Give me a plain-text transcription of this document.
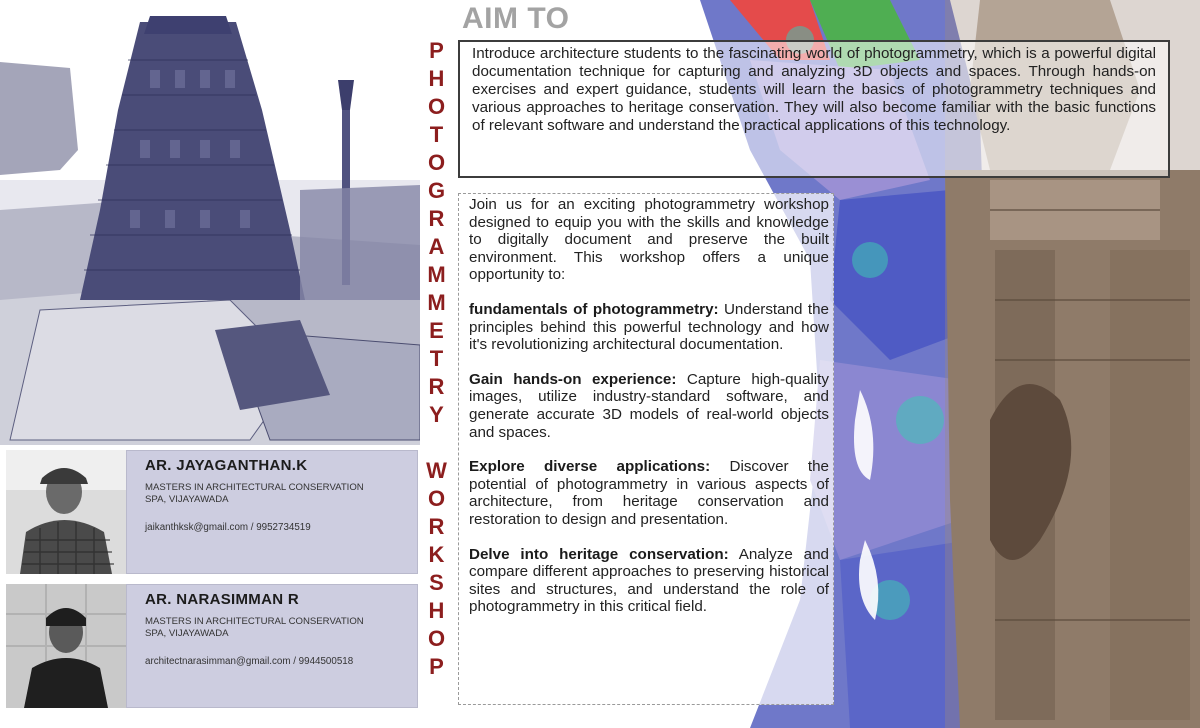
AR. JAYAGANTHAN.K
MASTERS IN ARCHITECTURAL CONSERVATION
SPA, VIJAYAWADA
jaikanthksk@gmail.com / 9952734519
AR. NARASIMMAN R
MASTERS IN ARCHITECTURAL CONSERVATION
SPA, VIJAYAWADA
architectnarasimman@gmail.com / 9944500518	PHOTOGRAMMETRY WORKSHOP
AIM TO
Introduce architecture students to the fascinating world of photogrammetry, which is a powerful digital documentation technique for capturing and analyzing 3D objects and spaces. Through hands-on exercises and expert guidance, students will learn the basics of photogrammetry techniques and various approaches to heritage conservation. They will also become familiar with the basic functions of relevant software and understand the practical applications of this technology.

Join us for an exciting photogrammetry workshop designed to equip you with the skills and knowledge to digitally document and preserve the built environment. This workshop offers a unique opportunity to:

fundamentals of photogrammetry: Understand the principles behind this powerful technology and how it's revolutionizing architectural documentation.

Gain hands-on experience: Capture high-quality images, utilize industry-standard software, and generate accurate 3D models of real-world objects and spaces.

Explore diverse applications: Discover the potential of photogrammetry in various aspects of architecture, from heritage conservation and restoration to design and presentation.

Delve into heritage conservation: Analyze and compare different approaches to preserving historical sites and structures, and understand the role of photogrammetry in this critical field.
